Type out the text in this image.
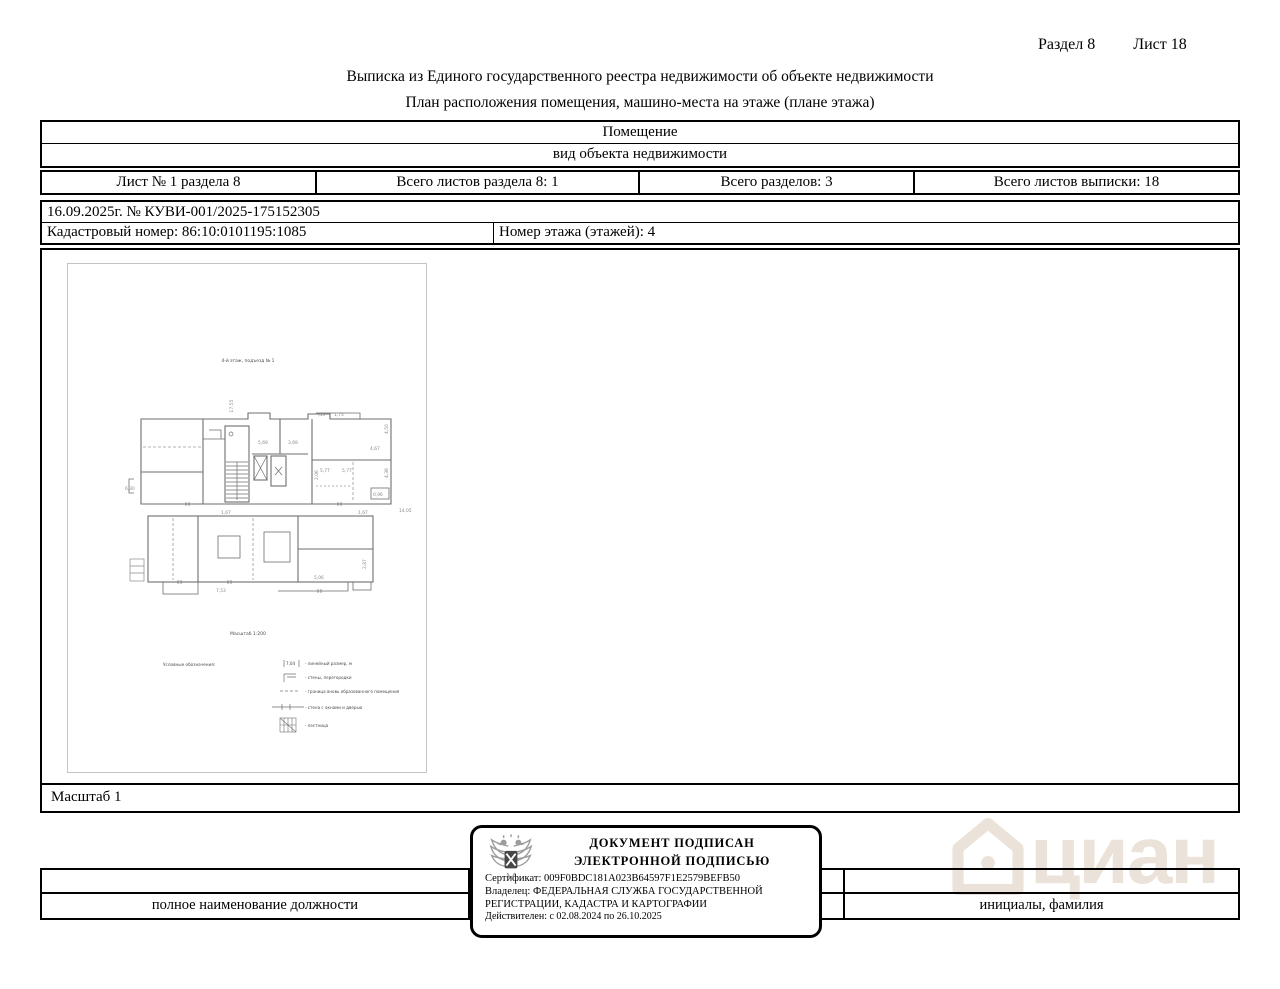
Раздел 8 Лист 18
Выписка из Единого государственного реестра недвижимости об объекте недвижимости
План расположения помещения, машино-места на этаже (плане этажа)
Помещение
вид объекта недвижимости
Лист № 1 раздела 8	Всего листов раздела 8: 1	Всего разделов: 3	Всего листов выписки: 18
16.09.2025г. № КУВИ-001/2025-175152305
Кадастровый номер: 86:10:0101195:1085	Номер этажа (этажей): 4
4-й этаж, подъезд № 1
17,55
6,30
14,05
5,69	3,69
5,77	5,77
4,67
,45 1,75
4,50
4,38
0,96
1,67	1,67
7,53
5,06
2,87
2,06
Масштаб 1:200
Условные обозначения:	7,04 - линейный размер, м
- стены, перегородки
- граница вновь образованного помещения
- стена с окнами и дверью
- лестница
Масштаб 1
циан
полное наименование должности	инициалы, фамилия
ДОКУМЕНТ ПОДПИСАН
ЭЛЕКТРОННОЙ ПОДПИСЬЮ
Сертификат: 009F0BDC181A023B64597F1E2579BEFB50
Владелец: ФЕДЕРАЛЬНАЯ СЛУЖБА ГОСУДАРСТВЕННОЙ
РЕГИСТРАЦИИ, КАДАСТРА И КАРТОГРАФИИ
Действителен: с 02.08.2024 по 26.10.2025
